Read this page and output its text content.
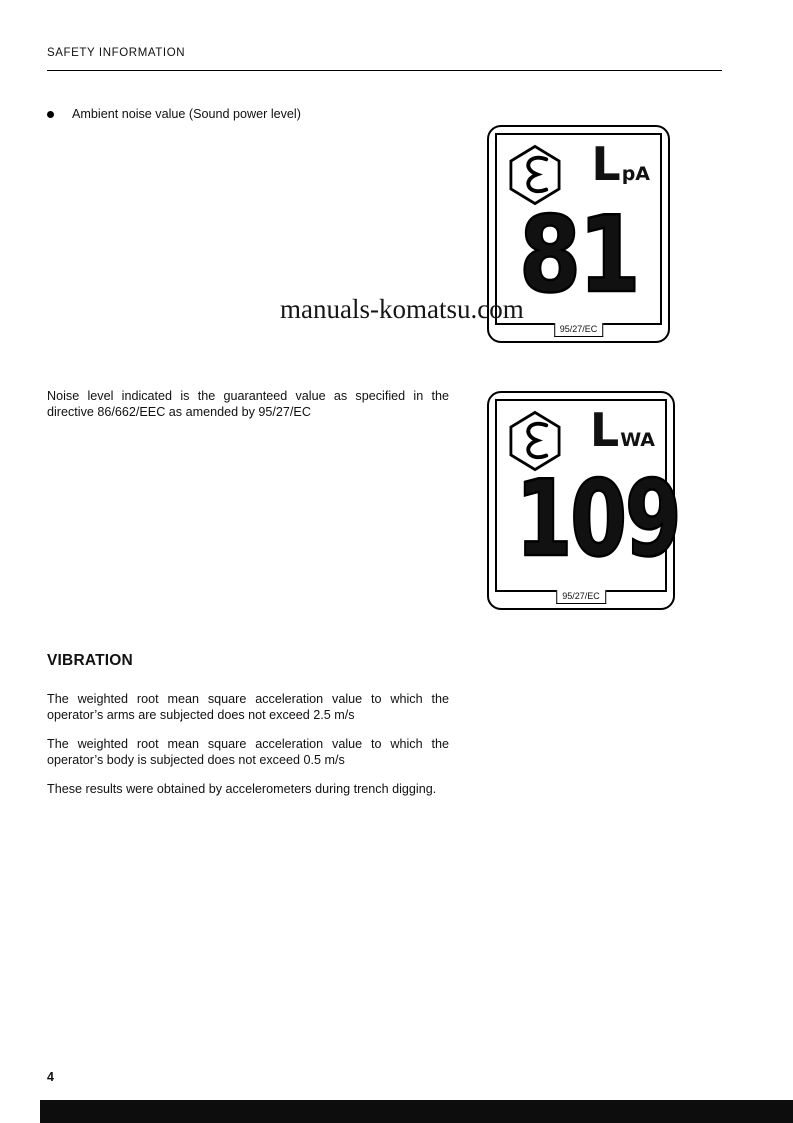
SAFETY INFORMATION
Ambient noise value (Sound power level)
L pA
81
95/27/EC
manuals-komatsu.com

Noise level indicated is the guaranteed value as specified in the directive 86/662/EEC as amended by 95/27/EC	L WA
109
95/27/EC
VIBRATION

The weighted root mean square acceleration value to which the operator’s arms are subjected does not exceed 2.5 m/s

The weighted root mean square acceleration value to which the operator’s body is subjected does not exceed 0.5 m/s

These results were obtained by accelerometers during trench digging.

4
